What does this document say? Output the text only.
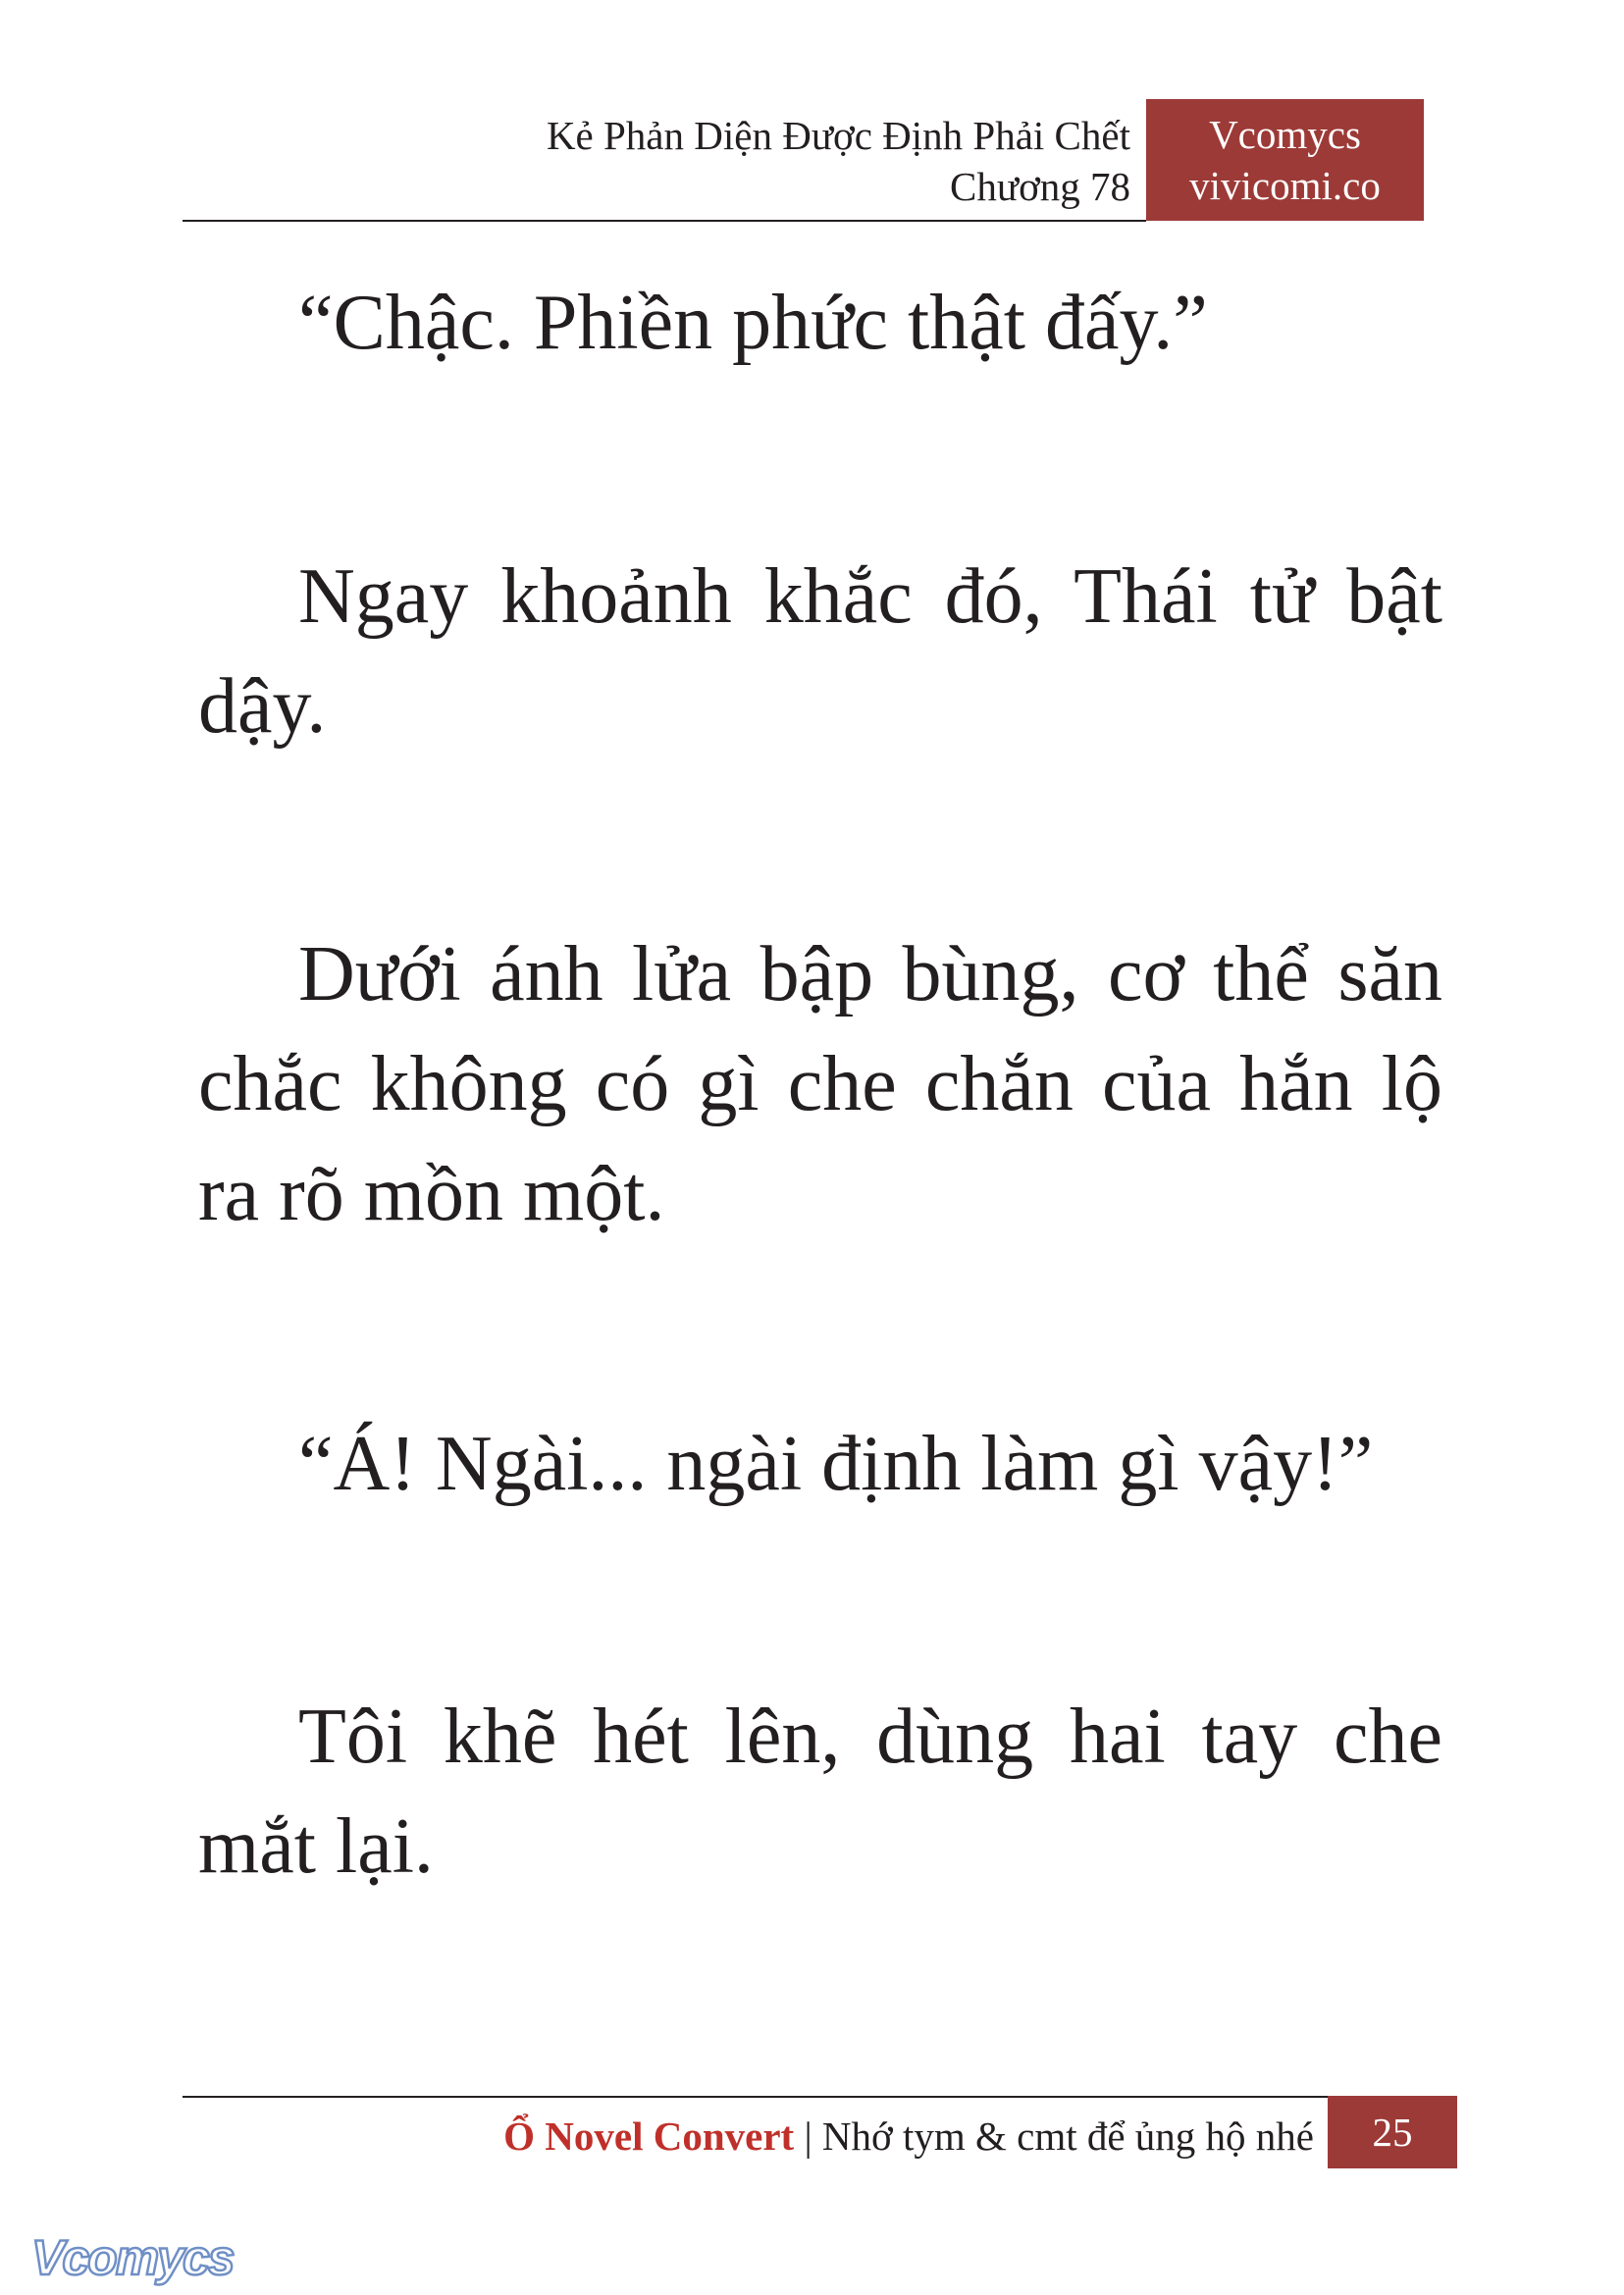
Kẻ Phản Diện Được Định Phải Chết
Chương 78
Vcomycs
vivicomi.co

“Chậc. Phiền phức thật đấy.”

Ngay khoảnh khắc đó, Thái tử bật dậy.

Dưới ánh lửa bập bùng, cơ thể săn chắc không có gì che chắn của hắn lộ ra rõ mồn một.

“Á! Ngài... ngài định làm gì vậy!”

Tôi khẽ hét lên, dùng hai tay che mắt lại.

Ổ Novel Convert | Nhớ tym & cmt để ủng hộ nhé	25
Vcomycs
